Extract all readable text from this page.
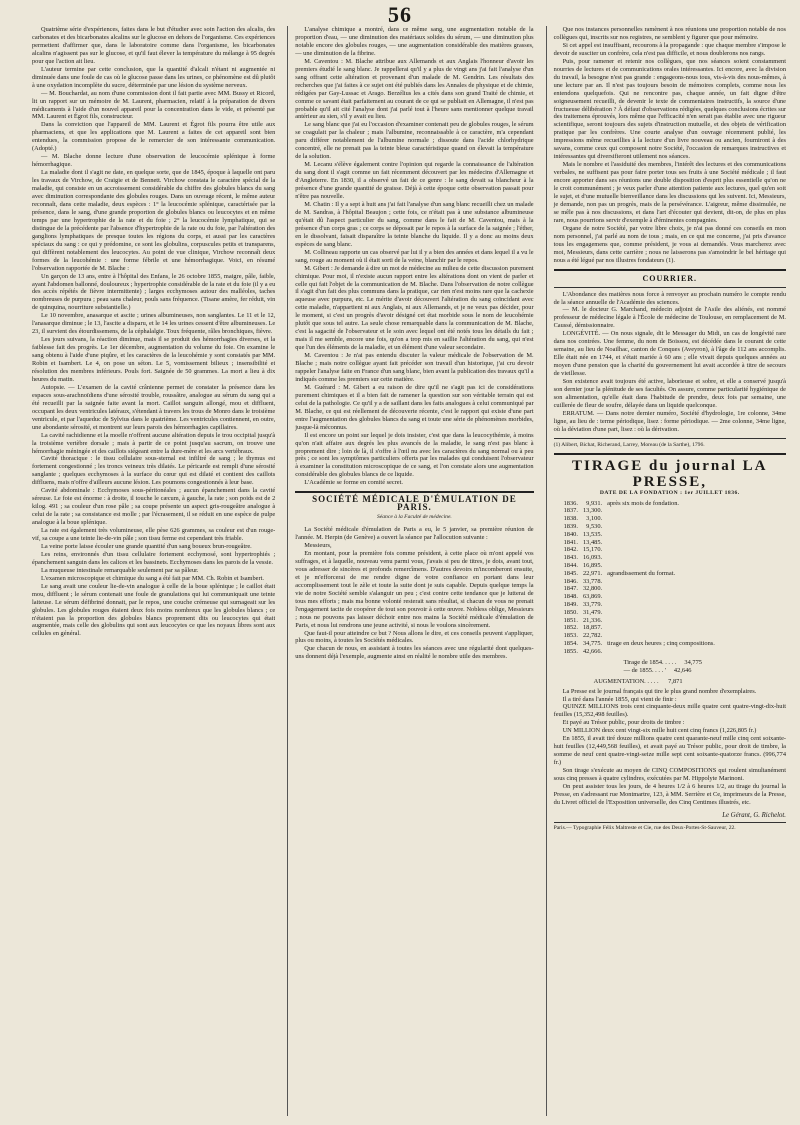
56

Quatrième série d'expériences, faites dans le but d'étudier avec soin l'action des alcalis, des carbonates et des bicarbonates alcalins sur le glucose en dehors de l'organisme. Ces expériences permettent d'affirmer que, dans le laboratoire comme dans l'organisme, les bicarbonates alcalins n'agissent pas sur le glucose, et qu'il faut élever la température du mélange à 95 degrés pour que l'action ait lieu.

L'auteur termine par cette conclusion, que la quantité d'alcali n'étant ni augmentée ni diminuée dans une foule de cas où le glucose passe dans les urines, ce phénomène est dû plutôt à une oxydation incomplète du sucre, déterminée par une lésion du système nerveux.

— M. Bouchardat, au nom d'une commission dont il fait partie avec MM. Bussy et Ricord, lit un rapport sur un mémoire de M. Laurent, pharmacien, relatif à la préparation de divers médicaments à l'aide d'un nouvel appareil pour la concentration dans le vide, et présenté par MM. Laurent et Égrot fils, constructeur.

Dans la conviction que l'appareil de MM. Laurent et Égrot fils pourra être utile aux pharmaciens, et que les applications que M. Laurent a faites de cet appareil sont bien entendues, la commission propose de le remercier de son intéressante communication. (Adopté.)

— M. Blache donne lecture d'une observation de leucocémie splénique à forme hémorrhagique.

La maladie dont il s'agit ne date, en quelque sorte, que de 1845, époque à laquelle ont paru les travaux de Virchow, de Craigie et de Bennett. Virchow constata le caractère spécial de la maladie, qui consiste en un accroissement considérable du chiffre des globules blancs du sang avec diminution correspondante des globules rouges. Dans un ouvrage récent, le même auteur reconnaît, dans cette maladie, deux espèces : 1° la leucocémie splénique, caractérisée par la présence, dans le sang, d'une grande proportion de globules blancs ou leucocytes et en même temps par une hypertrophie de la rate et du foie ; 2° la leucocémie lymphatique, qui se distingue de la précédente par l'absence d'hypertrophie de la rate ou du foie, par l'altération des ganglions lymphatiques de presque toutes les régions du corps, et aussi par les caractères spéciaux du sang : ce qui y prédomine, ce sont les globulins, corpuscules petits et transparens, qui diffèrent notablement des leucocytes. Au point de vue clinique, Virchow reconnaît deux formes de la leucohémie : une forme fébrile et une hémorrhagique. Voici, en résumé l'observation rapportée de M. Blache :

Un garçon de 13 ans, entre à l'hôpital des Enfans, le 26 octobre 1855, maigre, pâle, faible, ayant l'abdomen ballonné, douloureux ; hypertrophie considérable de la rate et du foie (il y a eu des accès répétés de fièvre intermittente) ; larges ecchymoses autour des malléoles, taches nombreuses de purpura ; peau sans chaleur, pouls sans fréquence. (Tisane amère, fer réduit, vin de quinquina, nourriture substantielle.)

Le 10 novembre, anasarque et ascite ; urines albumineuses, non sanglantes. Le 11 et le 12, l'anasarque diminue ; le 13, l'ascite a disparu, et le 14 les urines cessent d'être albumineuses. Le 23, il survient des étourdissemens, de la céphalalgie. Toux fréquente, râles bronchiques, fièvre.

Les jours suivans, la réaction diminue, mais il se produit des hémorrhagies diverses, et la faiblesse fait des progrès. Le 1er décembre, augmentation du volume du foie. On examine le sang obtenu à l'aide d'une piqûre, et les caractères de la leucohémie y sont constatés par MM. Robin et Isambert. Le 4, on pose un séton. Le 5, vomissement bilieux ; insensibilité et résolution des membres inférieurs. Pouls fort. Saignée de 50 grammes. La mort a lieu à dix heures du matin.

Autopsie. — L'examen de la cavité crânienne permet de constater la présence dans les espaces sous-arachnoïdiens d'une sérosité trouble, roussâtre, analogue au sérum du sang qui a été recueilli par la saignée faite avant la mort. Caillot sanguin allongé, mou et diffluent, occupant les deux ventricules latéraux, s'étendant à travers les trous de Monro dans le troisième ventricule, et par l'aqueduc de Sylvius dans le quatrième. Les ventricules contiennent, en outre, une abondante sérosité, et montrent sur leurs parois des hémorrhagies capillaires.

La cavité rachidienne et la moelle n'offrent aucune altération depuis le trou occipital jusqu'à la troisième vertèbre dorsale ; mais à partir de ce point jusqu'au sacrum, on trouve une hémorrhagie méningée et des caillots siégeant entre la dure-mère et les arcs vertébraux.

Cavité thoracique : le tissu cellulaire sous-sternal est infiltré de sang ; le thymus est fortement congestionné ; les troncs veineux très dilatés. Le péricarde est rempli d'une sérosité sanglante ; quelques ecchymoses à la surface du cœur qui est dilaté et contient des caillots diffluens, mais n'offre d'ailleurs aucune lésion. Les poumons congestionnés à leur base.

Cavité abdominale : Ecchymoses sous-péritonéales ; aucun épanchement dans la cavité séreuse. Le foie est énorme : à droite, il touche le cæcum, à gauche, la rate ; son poids est de 2 kilog. 491 ; sa couleur d'un rose pâle ; sa coupe présente un aspect gris-rougeâtre analogue à celui de la rate ; sa consistance est molle ; par l'écrasement, il se réduit en une espèce de pulpe analogue à la boue splénique.

La rate est également très volumineuse, elle pèse 626 grammes, sa couleur est d'un rouge-vif, sa coupe a une teinte lie-de-vin pâle ; son tissu ferme est cependant très friable.

La veine porte laisse écouler une grande quantité d'un sang boueux brun-rougeâtre.

Les reins, environnés d'un tissu cellulaire fortement ecchymosé, sont hypertrophiés ; épanchement sanguin dans les calices et les bassinets. Ecchymoses dans les parois de la vessie.

La muqueuse intestinale remarquable seulement par sa pâleur.

L'examen microscopique et chimique du sang a été fait par MM. Ch. Robin et Isambert.

Le sang avait une couleur lie-de-vin analogue à celle de la boue splénique ; le caillot était mou, diffluent ; le sérum contenait une foule de granulations qui lui communiquait une teinte laiteuse. Le sérum défibriné donnait, par le repos, une couche crémeuse qui surnageait sur les globules. Les globules rouges étaient deux fois moins nombreux que les globules blancs ; ce n'étaient pas la proportion des globules blancs proprement dits ou leucocytes qui était augmentée, mais celle des globulins qui sont aux leucocytes ce que les noyaux libres sont aux cellules en général.

L'analyse chimique a montré, dans ce même sang, une augmentation notable de la proportion d'eau, — une diminution des matériaux solides du sérum, — une diminution plus notable encore des globules rouges, — une augmentation considérable des matières grasses, — une diminution de la fibrine.

M. Caventou : M. Blache attribue aux Allemands et aux Anglais l'honneur d'avoir les premiers étudié le sang blanc. Je rappellerai qu'il y a plus de vingt ans j'ai fait l'analyse d'un sang offrant cette altération et provenant d'un malade de M. Gendrin. Les résultats des recherches que j'ai faites à ce sujet ont été publiés dans les Annales de physique et de chimie, rédigées par Gay-Lussac et Arago. Berzélius les a cités dans son grand Traité de chimie, et comme ce savant était parfaitement au courant de ce qui se publiait en Allemagne, il n'est pas probable qu'il ait cité l'analyse dont j'ai parlé tout à l'heure sans mentionner quelque travail antérieur au sien, s'il y avait eu lieu.

Le sang blanc que j'ai eu l'occasion d'examiner contenait peu de globules rouges, le sérum se coagulait par la chaleur ; mais l'albumine, reconnaissable à ce caractère, m'a cependant paru différer notablement de l'albumine normale ; dissoute dans l'acide chlorhydrique concentré, elle ne prenait pas la teinte bleue caractéristique quand on élevait la température de la solution.

M. Lecanu s'élève également contre l'opinion qui regarde la connaissance de l'altération du sang dont il s'agit comme un fait récemment découvert par les médecins d'Allemagne et d'Angleterre. En 1830, il a observé un fait de ce genre : le sang devait sa blancheur à la présence d'une grande quantité de graisse. Déjà à cette époque cette observation passait pour n'être pas nouvelle.

M. Chatin : Il y a sept à huit ans j'ai fait l'analyse d'un sang blanc recueilli chez un malade de M. Sandras, à l'hôpital Beaujon ; cette fois, ce n'était pas à une substance albumineuse qu'était dû l'aspect particulier du sang, comme dans le fait de M. Caventou, mais à la présence d'un corps gras ; ce corps se déposait par le repos à la surface de la saignée ; l'éther, en le dissolvant, faisait disparaître la teinte blanche du liquide. Il y a donc au moins deux espèces de sang blanc.

M. Collineau rapporte un cas observé par lui il y a bien des années et dans lequel il a vu le sang, rouge au moment où il était sorti de la veine, blanchir par le repos.

M. Gibert : Je demande à dire un mot de médecine au milieu de cette discussion purement chimique. Pour moi, il n'existe aucun rapport entre les altérations dont on vient de parler et celle qui fait l'objet de la communication de M. Blache. Dans l'observation de notre collègue il s'agit d'un fait des plus communs dans la pratique, car rien n'est moins rare que la cachexie aqueuse avec purpura, etc. Le mérite d'avoir découvert l'altération du sang coïncidant avec cette maladie, n'appartient ni aux Anglais, ni aux Allemands, et je ne veux pas décider, pour le moment, si c'est un progrès d'avoir désigné cet état morbide sous le nom de leucohémie plutôt que sous tel autre. La seule chose remarquable dans la communication de M. Blache, c'est la sagacité de l'observateur et le soin avec lequel ont été notés tous les détails du fait ; mais il me semble, encore une fois, qu'on a trop mis en saillie l'altération du sang, qui n'est que l'un des éléments de la maladie, et un élément d'une valeur secondaire.

M. Caventou : Je n'ai pas entendu discuter la valeur médicale de l'observation de M. Blache ; mais notre collègue ayant fait précéder son travail d'un historique, j'ai cru devoir rappeler l'analyse faite en France d'un sang blanc, bien avant la publication des travaux qu'il a indiqués comme les premiers sur cette matière.

M. Guérard : M. Gibert a eu raison de dire qu'il ne s'agit pas ici de considérations purement chimiques et il a bien fait de ramener la question sur son véritable terrain qui est celui de la pathologie. Ce qu'il y a de saillant dans les faits analogues à celui communiqué par M. Blache, ce qui est réellement de découverte récente, c'est le rapport qui existe d'une part entre l'augmentation des globules blancs du sang et toute une série de phénomènes morbides, jusque-là méconnus.

Il est encore un point sur lequel je dois insister, c'est que dans la leucocythémie, à moins qu'on n'ait affaire aux degrés les plus avancés de la maladie, le sang n'est pas blanc à proprement dire ; loin de là, il s'offre à l'œil nu avec les caractères du sang normal ou à peu près ; ce sont les symptômes particuliers offerts par les malades qui conduisent l'observateur à examiner la constitution microscopique de ce sang, et l'on constate alors une augmentation considérable des globules blancs de ce liquide.

L'Académie se forme en comité secret.

SOCIÉTÉ MÉDICALE D'ÉMULATION DE PARIS.
Séance à la Faculté de médecine.

La Société médicale d'émulation de Paris a eu, le 5 janvier, sa première réunion de l'année. M. Herpin (de Genève) a ouvert la séance par l'allocution suivante :

Messieurs,

En montant, pour la première fois comme président, à cette place où m'ont appelé vos suffrages, et à laquelle, nouveau venu parmi vous, j'avais si peu de titres, je dois, avant tout, vous adresser de sincères et profonds remercîmens. D'autres devoirs m'incomberont ensuite, et je m'efforcerai de me rendre digne de votre confiance en portant dans leur accomplissement tout le zèle et toute la suite dont je suis capable. Depuis quelque temps la vie de notre Société semble s'alanguir un peu ; c'est contre cette tendance que je lutterai de tous mes efforts ; mais ma bonne volonté resterait sans résultat, si chacun de vous ne prenait l'engagement tacite de coopérer de tout son pouvoir à cette œuvre. Nobless oblige, Messieurs ; nous ne pouvons pas laisser déchoir entre nos mains la Société médicale d'émulation de Paris, et nous lui rendrons une jeune activité, si nous le voulons sincèrement.

Que faut-il pour atteindre ce but ? Nous allons le dire, et ces conseils peuvent s'appliquer, plus ou moins, à toutes les Sociétés médicales.

Que chacun de nous, en assistant à toutes les séances avec une régularité dont quelques-uns donnent déjà l'exemple, augmente ainsi en réalité le nombre utile des membres.

Que nos instances personnelles ramènent à nos réunions une proportion notable de nos collègues qui, inscrits sur nos registres, ne semblent y figurer que pour mémoire.

Si cet appel est insuffisant, recourons à la propagande : que chaque membre s'impose le devoir de susciter un confrère, cela n'est pas difficile, et nous doublerons nos rangs.

Puis, pour ramener et retenir nos collègues, que nos séances soient constamment nourries de lectures et de communications orales intéressantes. Ici encore, avec la division du travail, la besogne n'est pas grande : engageons-nous tous, vis-à-vis des nous-mêmes, à une lecture par an. Il n'est pas toujours besoin de mémoires complets, comme nous les entendons quelquefois. Qui ne rencontre pas, chaque année, un fait digne d'être soigneusement recueilli, de devenir le texte de commentaires instructifs, la source d'une fructueuse délibération ? À défaut d'observations rédigées, quelques conclusions écrites sur des traitemens éprouvés, lors même que l'efficacité n'en serait pas établie avec une rigueur scientifique, seront toujours des sujets d'instruction mutuelle, et des objets de vérification pratique par les confrères. Une courte analyse d'un ouvrage récemment publié, les impressions même recueillies à la lecture d'un livre nouveau ou ancien, fourniront à des savans, comme ceux qui composent notre Société, l'occasion de remarques instructives et intéressantes qui diversifieront utilement nos séances.

Mais le nombre et l'assiduité des membres, l'intérêt des lectures et des communications verbales, ne suffisent pas pour faire porter tous ses fruits à une Société médicale ; il faut encore apporter dans ses réunions une double disposition d'esprit plus essentielle qu'on ne le croit communément ; je veux parler d'une attention patiente aux lectures, quel qu'en soit le sujet, et d'une mutuelle bienveillance dans les discussions qui les suivent. Ici, Messieurs, je demande, non pas un progrès, mais de la persévérance. L'aigreur, même dissimulée, ne se mêle pas à nos discussions, et dans l'art d'écouter qui devient, dit-on, de plus en plus rare, nous pourrions servir d'exemple à d'éminentes compagnies.

Organe de notre Société, par votre libre choix, je n'ai pas donné ces conseils en mon nom personnel, j'ai parlé au nom de tous ; mais, en ce qui me concerne, j'ai pris d'avance tous les engagemens que, comme président, je vous ai demandés. Vous marcherez avec moi, Messieurs, dans cette carrière ; nous ne laisserons pas s'amoindrir le bel héritage qui nous a été légué par nos illustres fondateurs (1).

COURRIER.

L'Abondance des matières nous force à renvoyer au prochain numéro le compte rendu de la séance annuelle de l'Académie des sciences.

— M. le docteur G. Marchand, médecin adjoint de l'Asile des aliénés, est nommé professeur de médecine légale à l'École de médecine de Toulouse, en remplacement de M. Caussé, démissionnaire.

LONGÉVITÉ. — On nous signale, dit le Messager du Midi, un cas de longévité rare dans nos contrées. Une femme, du nom de Boissou, est décédée dans le courant de cette semaine, au lieu de Noailhac, canton de Conques (Aveyron), à l'âge de 112 ans accomplis. Elle était née en 1744, et s'était mariée à 60 ans ; elle vivait depuis quelques années au moyen d'une pension que la charité du gouvernement lui avait accordée à titre de secours de vieillesse.

Son existence avait toujours été active, laborieuse et sobre, et elle a conservé jusqu'à son dernier jour la plénitude de ses facultés. On assure, comme particularité hygiénique de son alimentation, qu'elle était dans l'habitude de prendre, deux fois par semaine, une cuillerée de fleur de soufre, délayée dans un liquide quelconque.

ERRATUM. — Dans notre dernier numéro, Société d'hydrologie, 1re colonne, 34me ligne, au lieu de : terme périodique, lisez : forme périodique. — 2me colonne, 34me ligne, où la déviation d'une part, lisez : où la dérivation.

(1) Alibert, Bichat, Richerand, Larrey, Moreau (de la Sarthe), 1796.

TIRAGE du journal LA PRESSE,
DATE DE LA FONDATION : 1er JUILLET 1836.
1836.	9,931.	après six mois de fondation.
1837.	13,300.	
1838.	3,100.	
1839.	9,530.	
1840.	13,535.	
1841.	13,485.	
1842.	15,170.	
1843.	16,093.	
1844.	16,895.	
1845.	22,971.	agrandissement du format.
1846.	33,778.	
1847.	32,800.	
1848.	63,869.	
1849.	33,779.	
1850.	31,479.	
1851.	21,336.	
1852.	18,857.	
1853.	22,782.	
1854.	34,775.	tirage en deux heures ; cinq compositions.
1855.	42,666.	
Tirage de 1854. . . . . 34,775
— de 1855. . . . ' 42,646
AUGMENTATION. . . . . 7,871

La Presse est le journal français qui tire le plus grand nombre d'exemplaires.

Il a tiré dans l'année 1855, qui vient de finir :

QUINZE MILLIONS trois cent cinquante-deux mille quatre cent quatre-vingt-dix-huit feuilles (15,352,498 feuilles).

Et payé au Trésor public, pour droits de timbre :

UN MILLION deux cent vingt-six mille huit cent cinq francs (1,226,805 fr.)

En 1855, il avait tiré douze millions quatre cent quarante-neuf mille cinq cent soixante-huit feuilles (12,449,568 feuilles), et avait payé au Trésor public, pour droit de timbre, la somme de neuf cent quatre-vingt-seize mille sept cent soixante-quatorze francs. (996,774 fr.)

Son tirage s'exécute au moyen de CINQ COMPOSITIONS qui roulent simultanément sous cinq presses à quatre cylindres, exécutées par M. Hippolyte Marinoni.

On peut assister tous les jours, de 4 heures 1/2 à 6 heures 1/2, au tirage du journal la Presse, en s'adressant rue Montmartre, 123, à MM. Serrière et Ce, imprimeurs de la Presse, du Livret officiel de l'Exposition universelle, des Cinq Centimes illustrés, etc.

Le Gérant, G. Richelot.
Paris.— Typographie Félix Maltreste et Cie, rue des Deux-Portes-St-Sauveur, 22.
